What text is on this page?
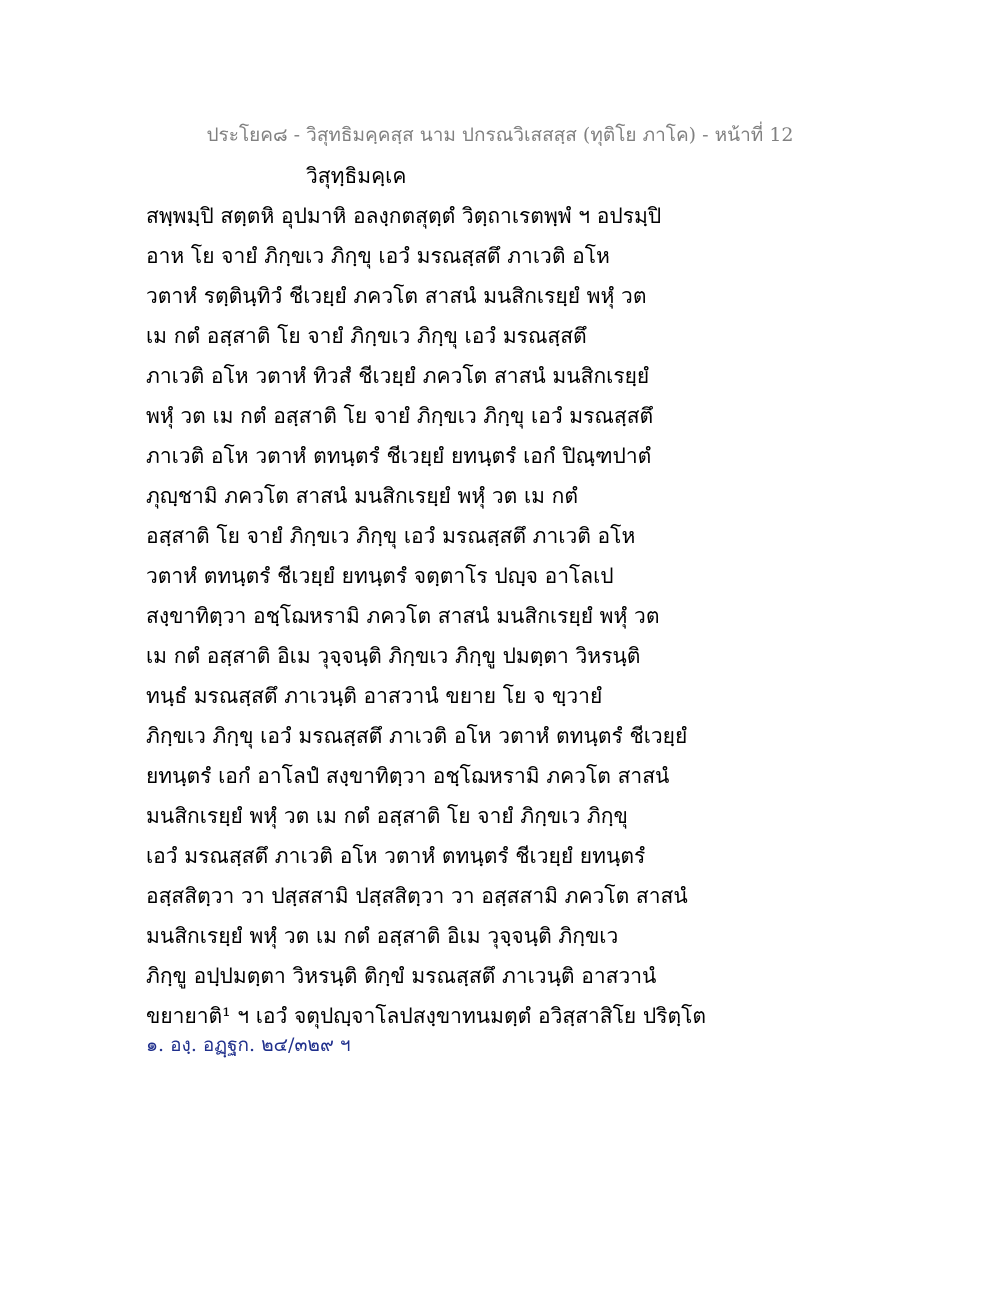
ประโยค๘ - วิสุทธิมคฺคสฺส นาม ปกรณวิเสสสฺส (ทุติโย ภาโค) - หน้าที่ 12
วิสุทฺธิมคฺเค
สพฺพมฺปิ สตฺตหิ อุปมาหิ อลงฺกตสุตฺตํ วิตฺถาเรตพฺพํ ฯ อปรมฺปิ
อาห โย จายํ ภิกฺขเว ภิกฺขุ เอวํ มรณสฺสตึ ภาเวติ อโห
วตาหํ รตฺตินฺทิวํ ชีเวยฺยํ ภควโต สาสนํ มนสิกเรยฺยํ พหุํ วต
เม กตํ อสฺสาติ โย จายํ ภิกฺขเว ภิกฺขุ เอวํ มรณสฺสตึ
ภาเวติ อโห วตาหํ ทิวสํ ชีเวยฺยํ ภควโต สาสนํ มนสิกเรยฺยํ
พหุํ วต เม กตํ อสฺสาติ โย จายํ ภิกฺขเว ภิกฺขุ เอวํ มรณสฺสตึ
ภาเวติ อโห วตาหํ ตทนฺตรํ ชีเวยฺยํ ยทนฺตรํ เอกํ ปิณฺฑปาตํ
ภุญฺชามิ ภควโต สาสนํ มนสิกเรยฺยํ พหุํ วต เม กตํ
อสฺสาติ โย จายํ ภิกฺขเว ภิกฺขุ เอวํ มรณสฺสตึ ภาเวติ อโห
วตาหํ ตทนฺตรํ ชีเวยฺยํ ยทนฺตรํ จตฺตาโร ปญฺจ อาโลเป
สงฺขาทิตฺวา อชฺโฌหรามิ ภควโต สาสนํ มนสิกเรยฺยํ พหุํ วต
เม กตํ อสฺสาติ อิเม วุจฺจนฺติ ภิกฺขเว ภิกฺขู ปมตฺตา วิหรนฺติ
ทนฺธํ มรณสฺสตึ ภาเวนฺติ อาสวานํ ขยาย โย จ ขฺวายํ
ภิกฺขเว ภิกฺขุ เอวํ มรณสฺสตึ ภาเวติ อโห วตาหํ ตทนฺตรํ ชีเวยฺยํ
ยทนฺตรํ เอกํ อาโลปํ สงฺขาทิตฺวา อชฺโฌหรามิ ภควโต สาสนํ
มนสิกเรยฺยํ พหุํ วต เม กตํ อสฺสาติ โย จายํ ภิกฺขเว ภิกฺขุ
เอวํ มรณสฺสตึ ภาเวติ อโห วตาหํ ตทนฺตรํ ชีเวยฺยํ ยทนฺตรํ
อสฺสสิตฺวา วา ปสฺสสามิ ปสฺสสิตฺวา วา อสฺสสามิ ภควโต สาสนํ
มนสิกเรยฺยํ พหุํ วต เม กตํ อสฺสาติ อิเม วุจฺจนฺติ ภิกฺขเว
ภิกฺขู อปฺปมตฺตา วิหรนฺติ ติกฺขํ มรณสฺสตึ ภาเวนฺติ อาสวานํ
ขยายาติ¹ ฯ เอวํ จตุปญฺจาโลปสงฺขาทนมตฺตํ อวิสฺสาสิโย ปริตฺโต
๑. องฺ. อฏฺฐก. ๒๔/๓๒๙ ฯ
